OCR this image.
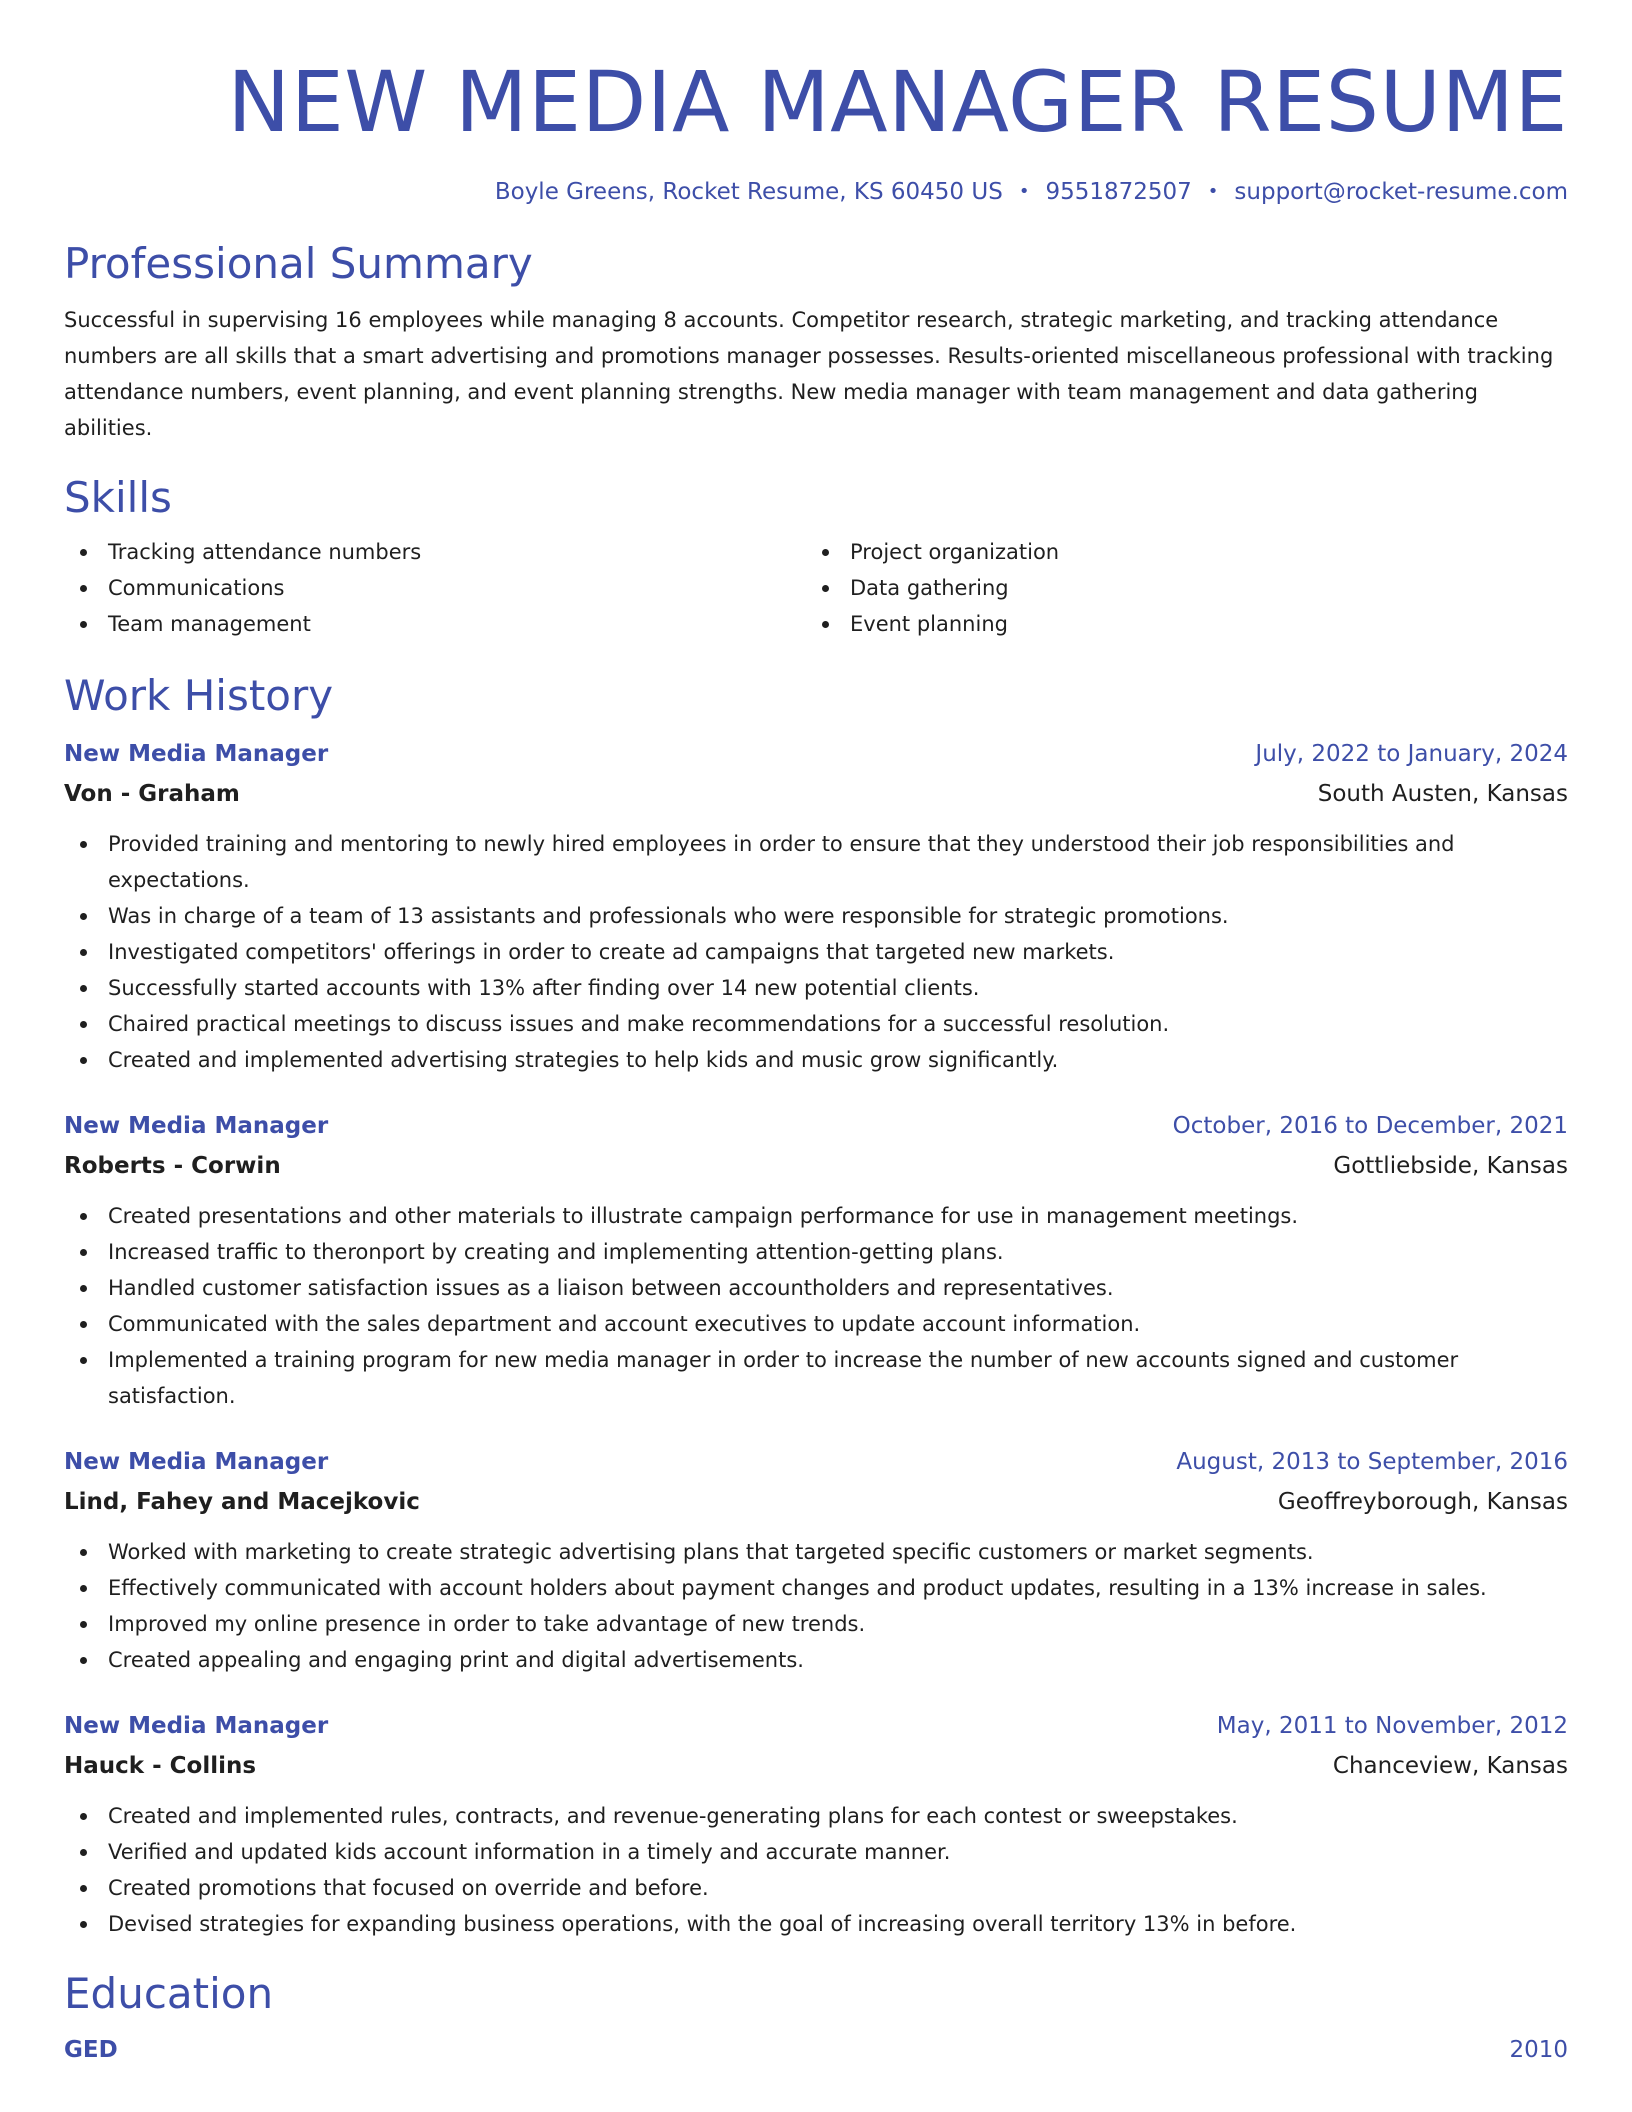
NEW MEDIA MANAGER RESUME
Boyle Greens, Rocket Resume, KS 60450 US • 9551872507 • support@rocket-resume.com
Professional Summary

Successful in supervising 16 employees while managing 8 accounts. Competitor research, strategic marketing, and tracking attendance numbers are all skills that a smart advertising and promotions manager possesses. Results-oriented miscellaneous professional with tracking attendance numbers, event planning, and event planning strengths. New media manager with team management and data gathering abilities.

Skills
Tracking attendance numbers
Communications
Team management
Project organization
Data gathering
Event planning
Work History
New Media Manager	July, 2022 to January, 2024
Von - Graham	South Austen, Kansas
Provided training and mentoring to newly hired employees in order to ensure that they understood their job responsibilities and expectations.
Was in charge of a team of 13 assistants and professionals who were responsible for strategic promotions.
Investigated competitors' offerings in order to create ad campaigns that targeted new markets.
Successfully started accounts with 13% after finding over 14 new potential clients.
Chaired practical meetings to discuss issues and make recommendations for a successful resolution.
Created and implemented advertising strategies to help kids and music grow significantly.
New Media Manager	October, 2016 to December, 2021
Roberts - Corwin	Gottliebside, Kansas
Created presentations and other materials to illustrate campaign performance for use in management meetings.
Increased traffic to theronport by creating and implementing attention-getting plans.
Handled customer satisfaction issues as a liaison between accountholders and representatives.
Communicated with the sales department and account executives to update account information.
Implemented a training program for new media manager in order to increase the number of new accounts signed and customer satisfaction.
New Media Manager	August, 2013 to September, 2016
Lind, Fahey and Macejkovic	Geoffreyborough, Kansas
Worked with marketing to create strategic advertising plans that targeted specific customers or market segments.
Effectively communicated with account holders about payment changes and product updates, resulting in a 13% increase in sales.
Improved my online presence in order to take advantage of new trends.
Created appealing and engaging print and digital advertisements.
New Media Manager	May, 2011 to November, 2012
Hauck - Collins	Chanceview, Kansas
Created and implemented rules, contracts, and revenue-generating plans for each contest or sweepstakes.
Verified and updated kids account information in a timely and accurate manner.
Created promotions that focused on override and before.
Devised strategies for expanding business operations, with the goal of increasing overall territory 13% in before.
Education
GED	2010
